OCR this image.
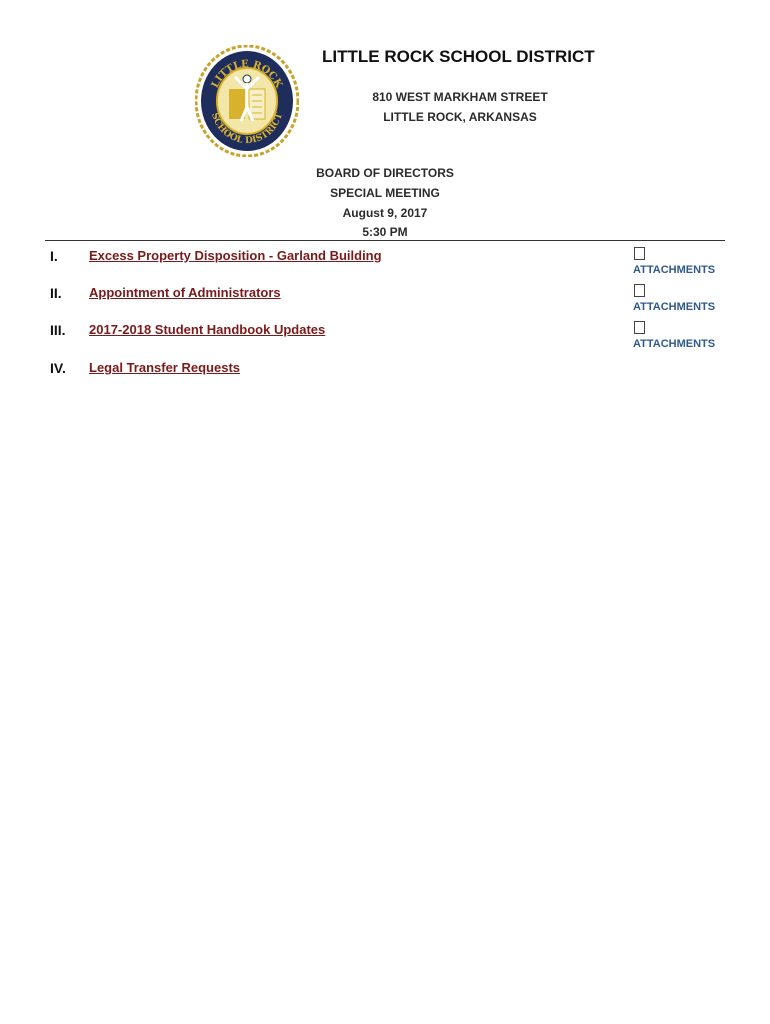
LITTLE ROCK
SCHOOL DISTRICT
LITTLE ROCK SCHOOL DISTRICT
810 WEST MARKHAM STREET
LITTLE ROCK, ARKANSAS
BOARD OF DIRECTORS
SPECIAL MEETING
August 9, 2017
5:30 PM
I. Excess Property Disposition - Garland Building
ATTACHMENTS
II. Appointment of Administrators
ATTACHMENTS
III. 2017-2018 Student Handbook Updates
ATTACHMENTS
IV. Legal Transfer Requests
